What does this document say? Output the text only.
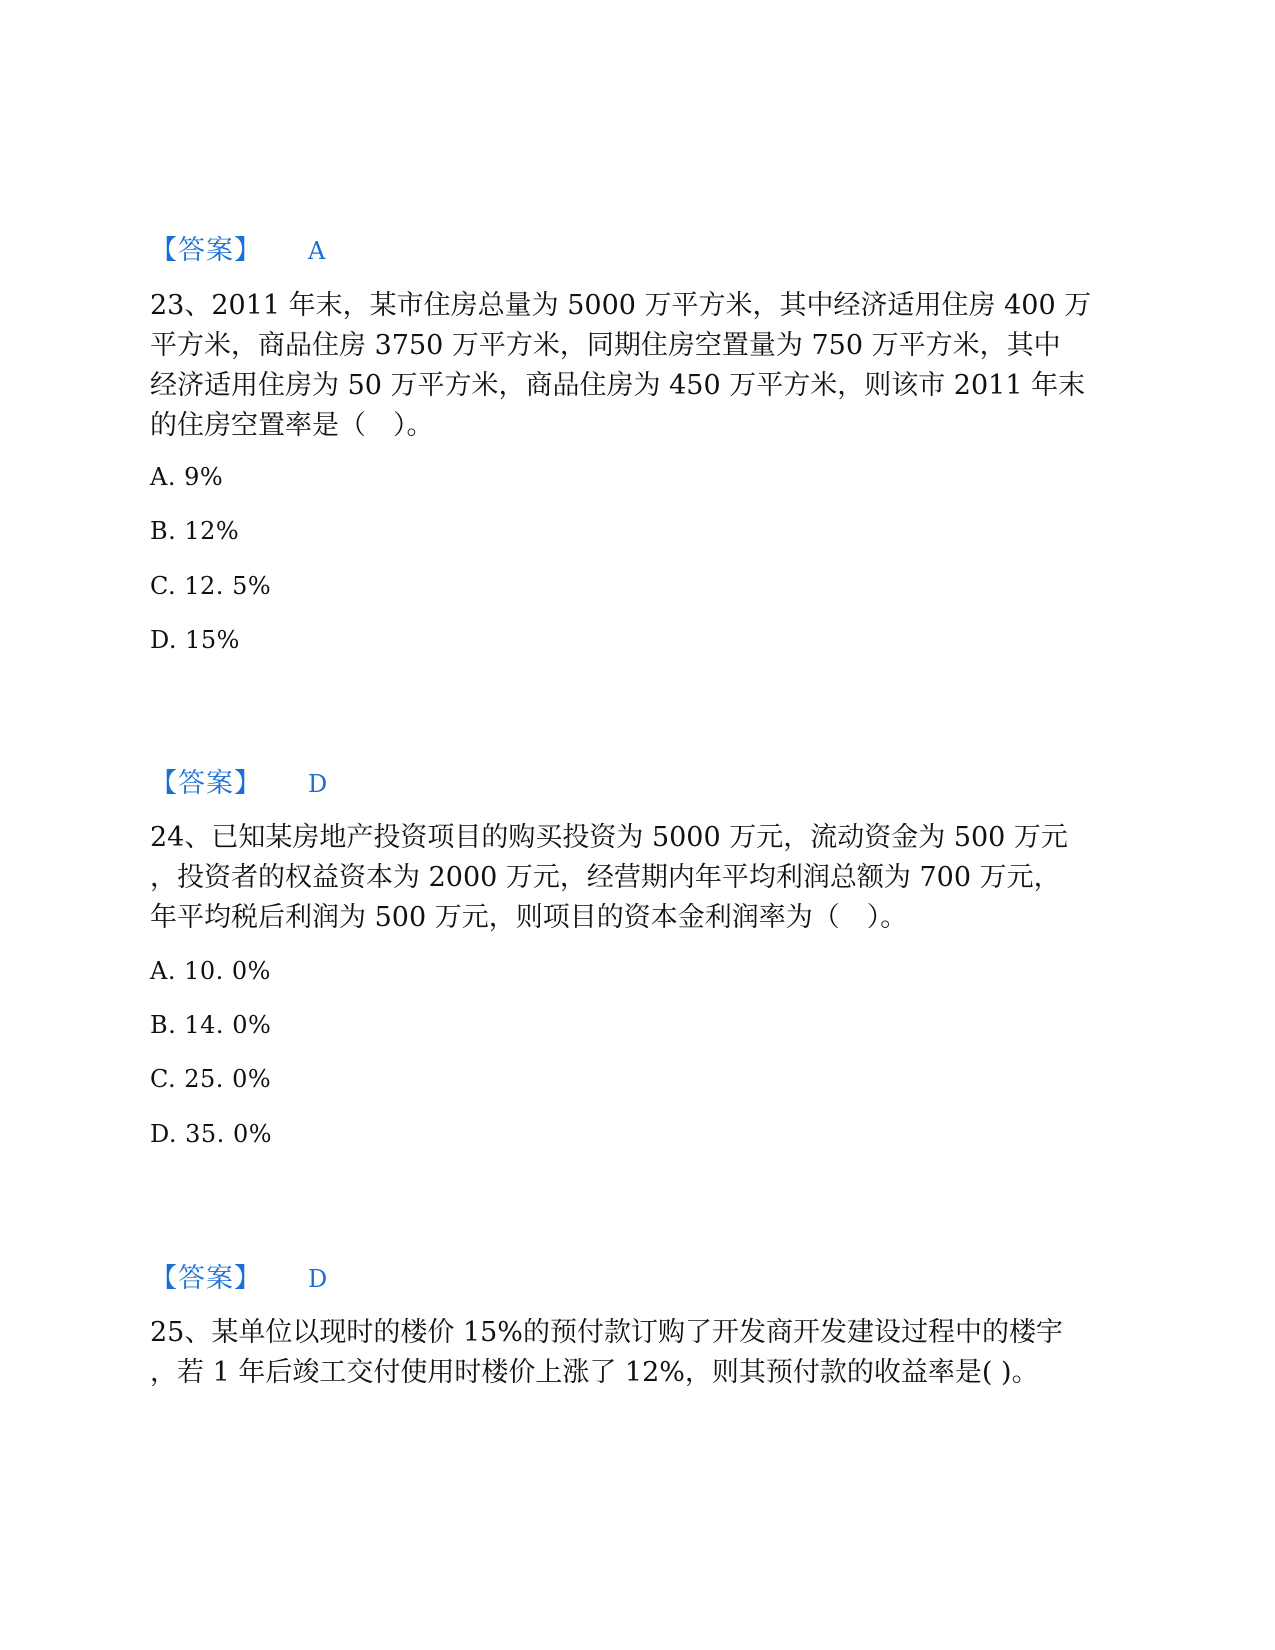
【答案】 A
23、2011 年末，某市住房总量为 5000 万平方米，其中经济适用住房 400 万
平方米，商品住房 3750 万平方米，同期住房空置量为 750 万平方米，其中
经济适用住房为 50 万平方米，商品住房为 450 万平方米，则该市 2011 年末
的住房空置率是（　）。
A. 9%
B. 12%
C. 12. 5%
D. 15%
【答案】 D
24、已知某房地产投资项目的购买投资为 5000 万元，流动资金为 500 万元
，投资者的权益资本为 2000 万元，经营期内年平均利润总额为 700 万元，
年平均税后利润为 500 万元，则项目的资本金利润率为（　）。
A. 10. 0%
B. 14. 0%
C. 25. 0%
D. 35. 0%
【答案】 D
25、某单位以现时的楼价 15%的预付款订购了开发商开发建设过程中的楼宇
，若 1 年后竣工交付使用时楼价上涨了 12%，则其预付款的收益率是( )。
